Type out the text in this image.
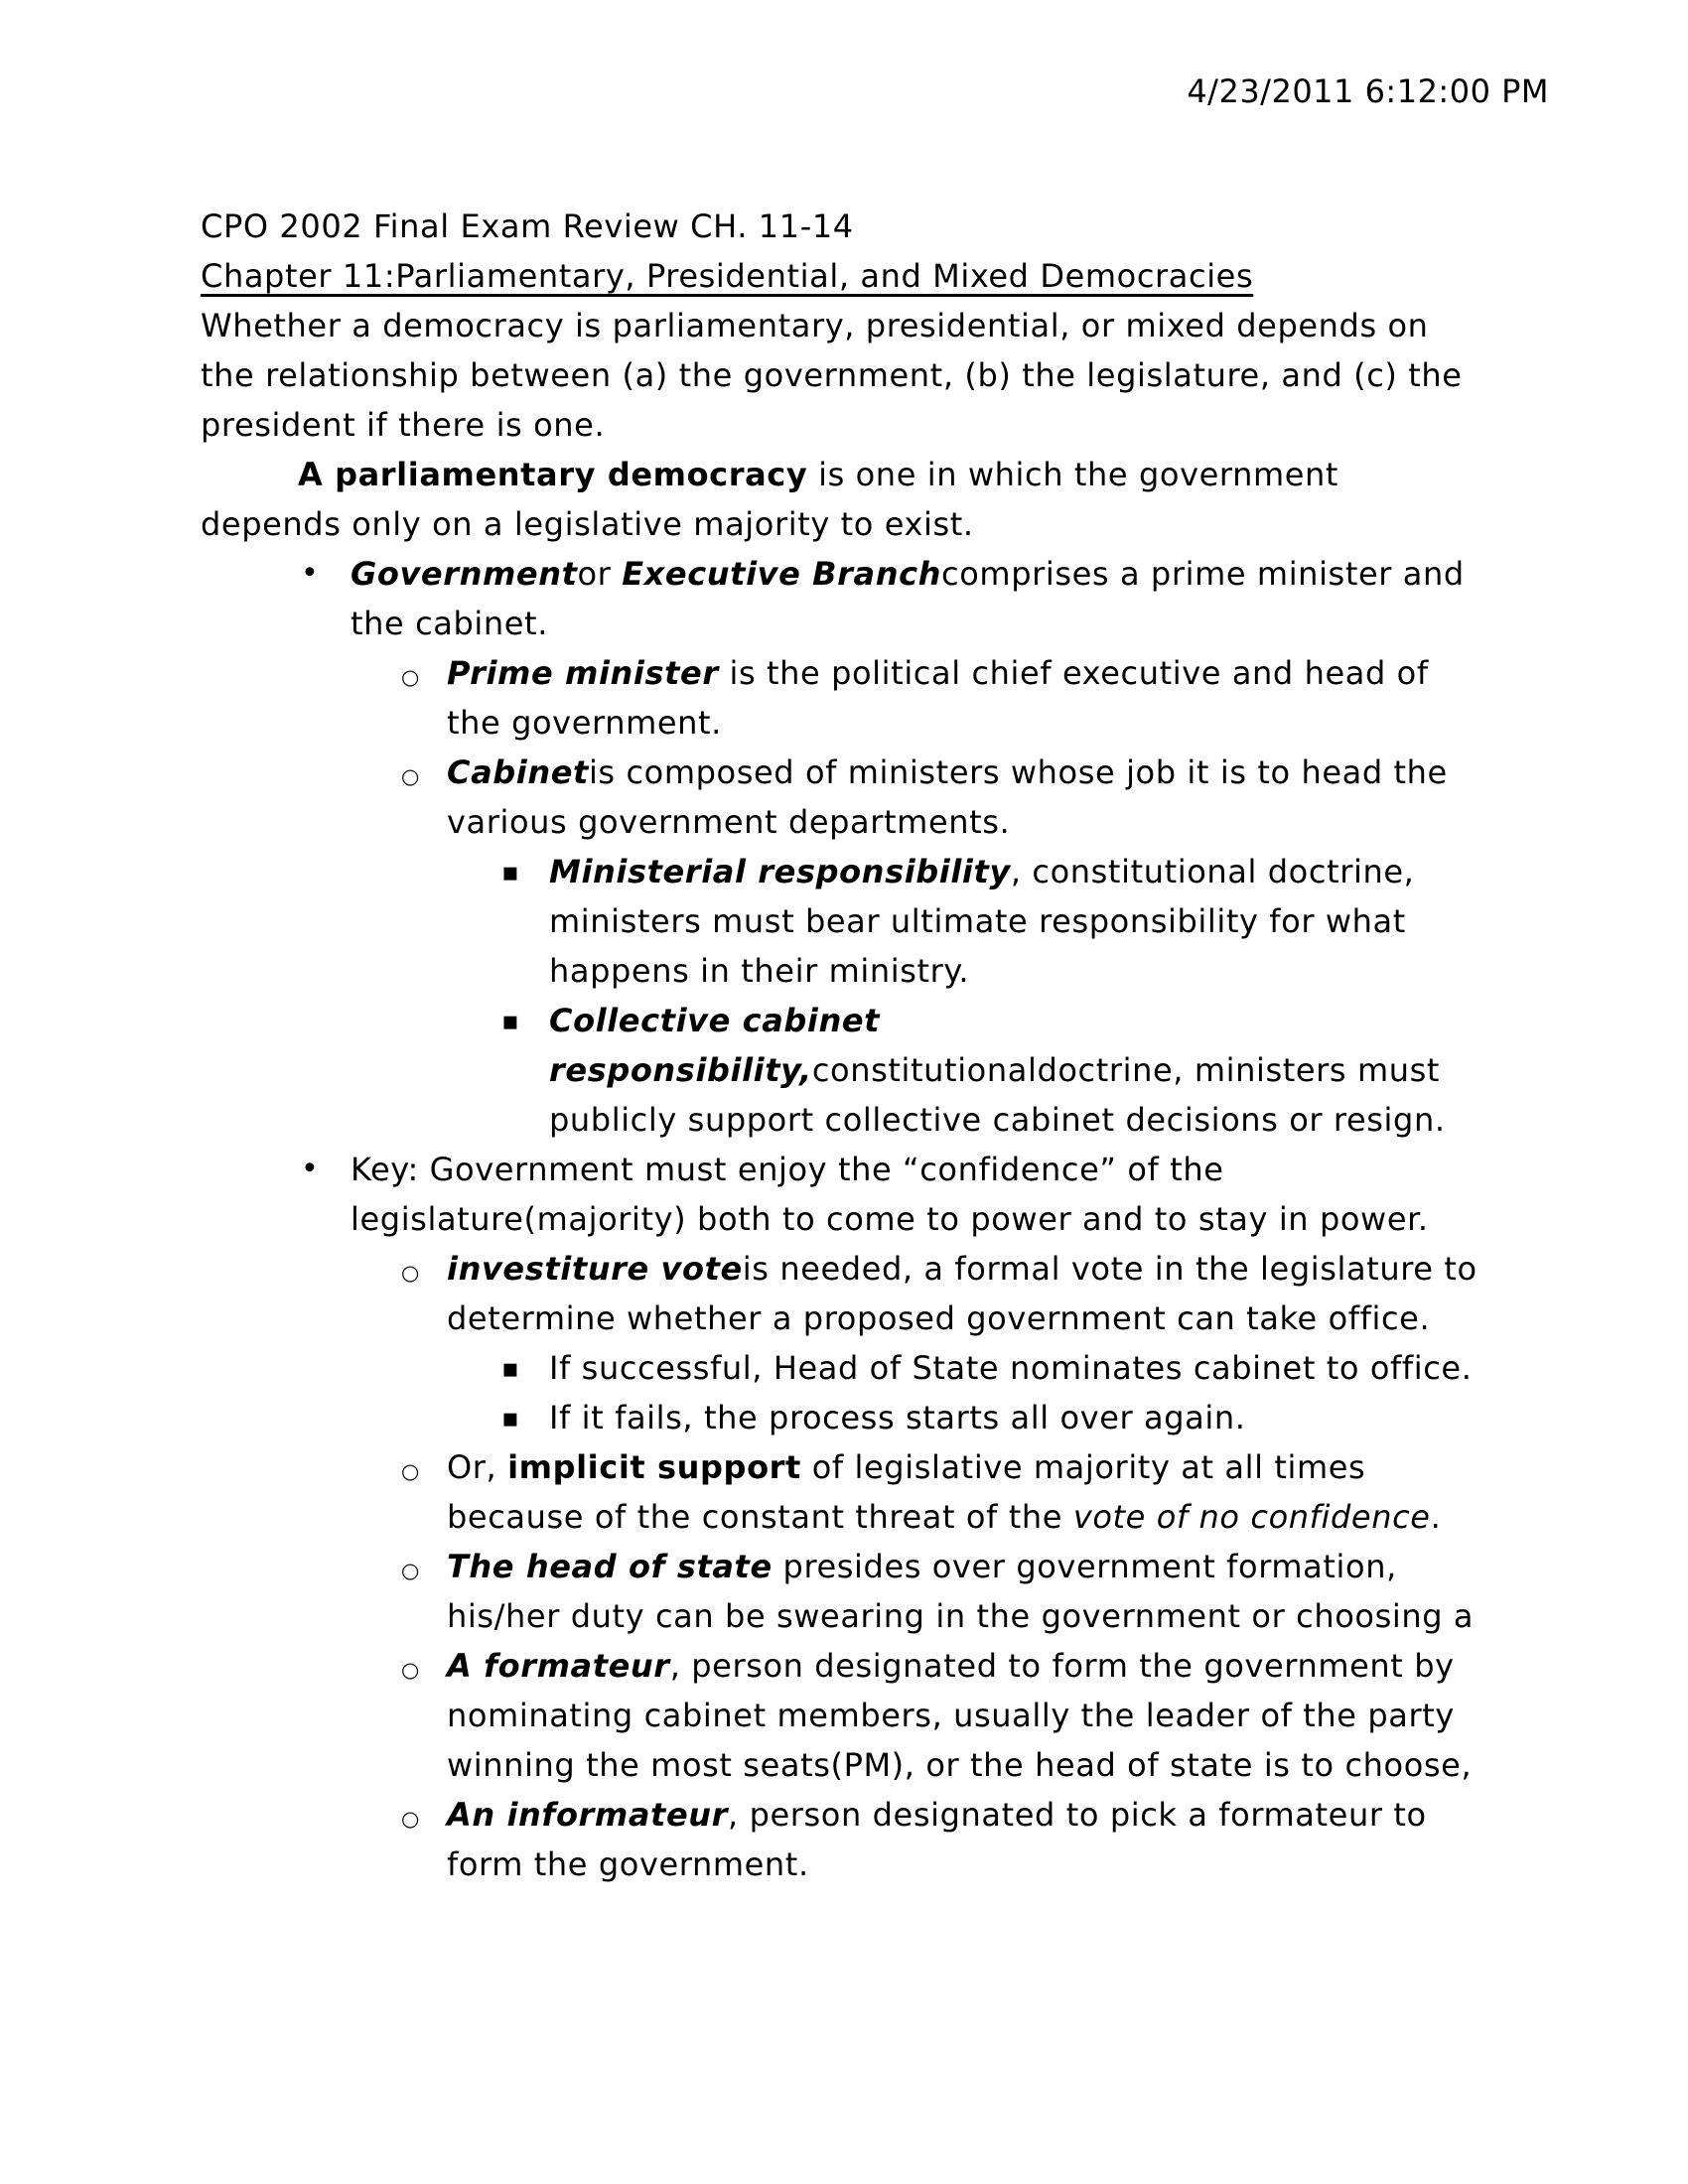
4/23/2011 6:12:00 PM
CPO 2002 Final Exam Review CH. 11-14
Chapter 11:Parliamentary, Presidential, and Mixed Democracies
Whether a democracy is parliamentary, presidential, or mixed depends on
the relationship between (a) the government, (b) the legislature, and (c) the
president if there is one.
A parliamentary democracy is one in which the government
depends only on a legislative majority to exist.
• Governmentor Executive Branchcomprises a prime minister and
the cabinet.
○ Prime minister is the political chief executive and head of
the government.
○ Cabinetis composed of ministers whose job it is to head the
various government departments.
▪ Ministerial responsibility, constitutional doctrine,
ministers must bear ultimate responsibility for what
happens in their ministry.
▪ Collective cabinet
responsibility,constitutionaldoctrine, ministers must
publicly support collective cabinet decisions or resign.
• Key: Government must enjoy the “confidence” of the
legislature(majority) both to come to power and to stay in power.
○ investiture voteis needed, a formal vote in the legislature to
determine whether a proposed government can take office.
▪ If successful, Head of State nominates cabinet to office.
▪ If it fails, the process starts all over again.
○ Or, implicit support of legislative majority at all times
because of the constant threat of the vote of no confidence.
○ The head of state presides over government formation,
his/her duty can be swearing in the government or choosing a
○ A formateur, person designated to form the government by
nominating cabinet members, usually the leader of the party
winning the most seats(PM), or the head of state is to choose,
○ An informateur, person designated to pick a formateur to
form the government.
